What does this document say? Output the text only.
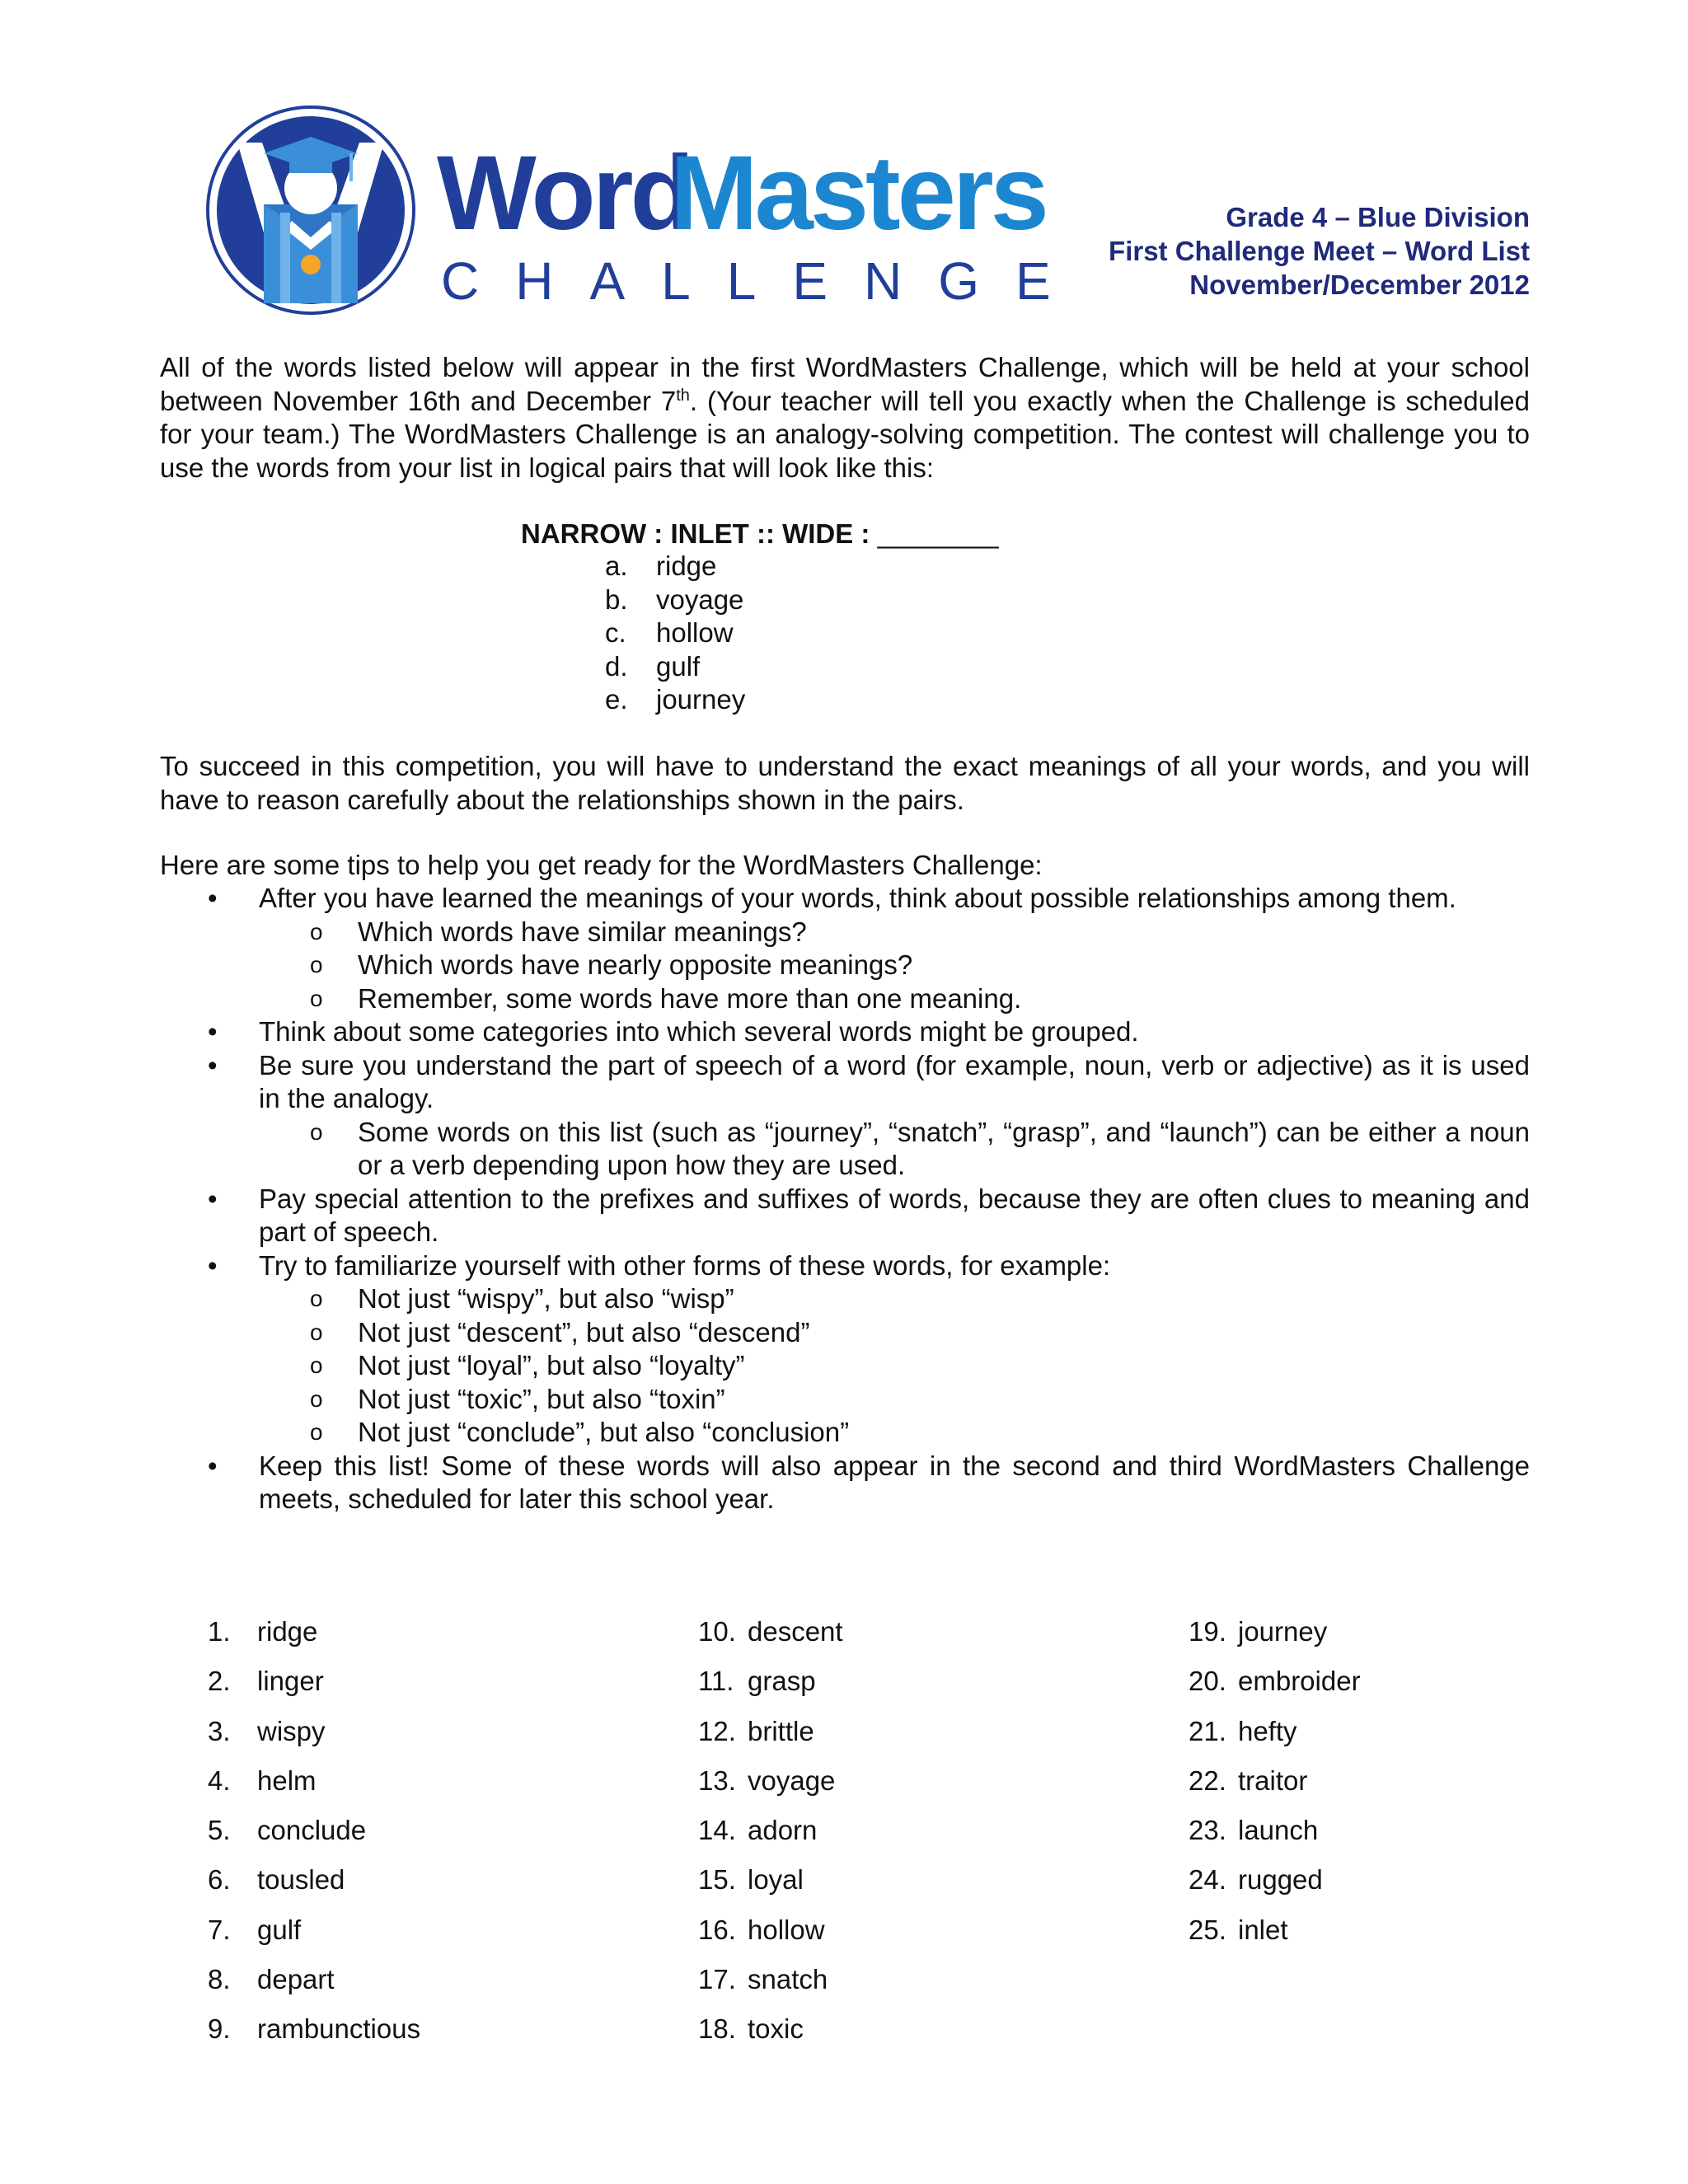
Word
Masters
CHALLENGE
Grade 4 – Blue Division
First Challenge Meet – Word List
November/December 2012
All of the words listed below will appear in the first WordMasters Challenge, which will be held at your school between November 16th and December 7th. (Your teacher will tell you exactly when the Challenge is scheduled for your team.) The WordMasters Challenge is an analogy-solving competition. The contest will challenge you to use the words from your list in logical pairs that will look like this:
NARROW : INLET :: WIDE : ________
a.	ridge
b.	voyage
c.	hollow
d.	gulf
e.	journey
To succeed in this competition, you will have to understand the exact meanings of all your words, and you will have to reason carefully about the relationships shown in the pairs.
Here are some tips to help you get ready for the WordMasters Challenge:
• After you have learned the meanings of your words, think about possible relationships among them.
o Which words have similar meanings?
o Which words have nearly opposite meanings?
o Remember, some words have more than one meaning.
• Think about some categories into which several words might be grouped.
• Be sure you understand the part of speech of a word (for example, noun, verb or adjective) as it is used in the analogy.
o Some words on this list (such as “journey”, “snatch”, “grasp”, and “launch”) can be either a noun or a verb depending upon how they are used.
• Pay special attention to the prefixes and suffixes of words, because they are often clues to meaning and part of speech.
• Try to familiarize yourself with other forms of these words, for example:
o Not just “wispy”, but also “wisp”
o Not just “descent”, but also “descend”
o Not just “loyal”, but also “loyalty”
o Not just “toxic”, but also “toxin”
o Not just “conclude”, but also “conclusion”
• Keep this list! Some of these words will also appear in the second and third WordMasters Challenge meets, scheduled for later this school year.
1. ridge
2. linger
3. wispy
4. helm
5. conclude
6. tousled
7. gulf
8. depart
9. rambunctious
10. descent
11. grasp
12. brittle
13. voyage
14. adorn
15. loyal
16. hollow
17. snatch
18. toxic
19. journey
20. embroider
21. hefty
22. traitor
23. launch
24. rugged
25. inlet
